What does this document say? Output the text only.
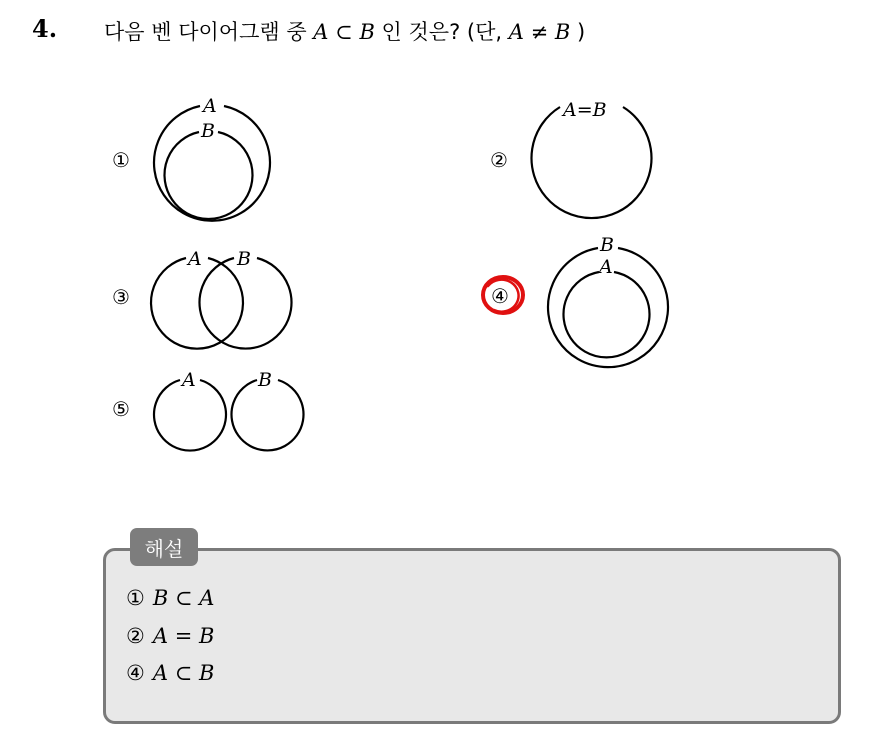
4. 다음 벤 다이어그램 중 A ⊂ B 인 것은? (단, A ≠ B )
A
B
A=B
A B
B
A
A	B
①	②
③	④
⑤
해설
① B ⊂ A
② A = B
④ A ⊂ B
